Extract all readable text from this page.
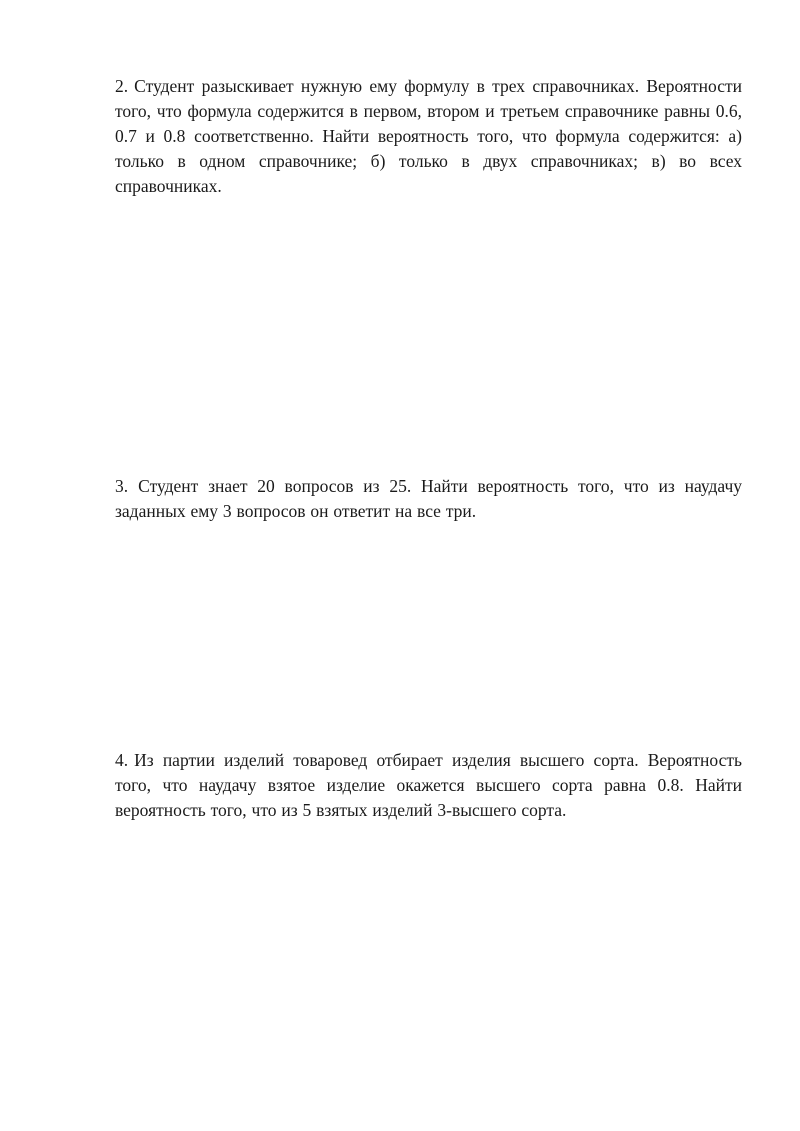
2. Студент разыскивает нужную ему формулу в трех справочниках. Вероятности того, что формула содержится в первом, втором и третьем справочнике равны 0.6, 0.7 и 0.8 соответственно. Найти вероятность того, что формула содержится: а) только в одном справочнике; б) только в двух справочниках; в) во всех справочниках.

3. Студент знает 20 вопросов из 25. Найти вероятность того, что из наудачу заданных ему 3 вопросов он ответит на все три.

4. Из партии изделий товаровед отбирает изделия высшего сорта. Вероятность того, что наудачу взятое изделие окажется высшего сорта равна 0.8. Найти вероятность того, что из 5 взятых изделий 3-высшего сорта.
